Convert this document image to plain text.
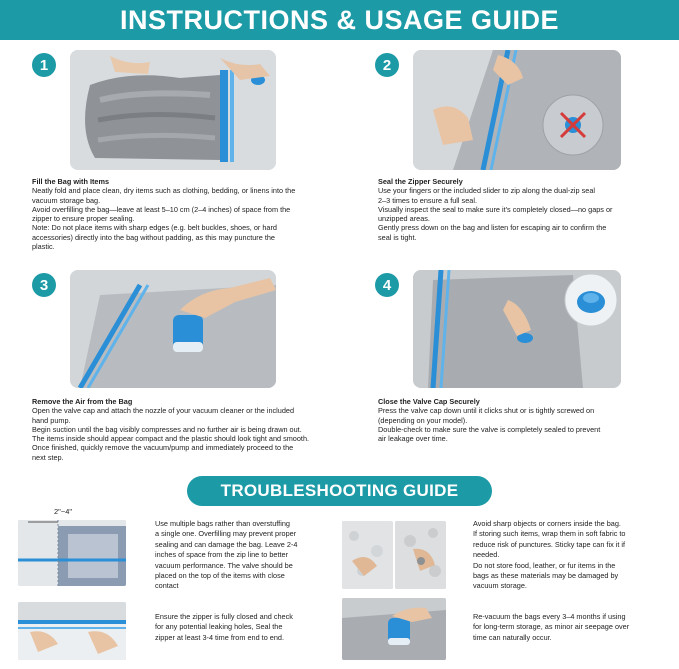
INSTRUCTIONS & USAGE GUIDE
1
Fill the Bag with Items
Neatly fold and place clean, dry items such as clothing, bedding, or linens into the
vacuum storage bag.
Avoid overfilling the bag—leave at least 5–10 cm (2–4 inches) of space from the
zipper to ensure proper sealing.
Note: Do not place items with sharp edges (e.g. belt buckles, shoes, or hard
accessories) directly into the bag without padding, as this may puncture the
plastic.
2
Seal the Zipper Securely
Use your fingers or the included slider to zip along the dual-zip seal
2–3 times to ensure a full seal.
Visually inspect the seal to make sure it's completely closed—no gaps or
unzipped areas.
Gently press down on the bag and listen for escaping air to confirm the
seal is tight.
3
Remove the Air from the Bag
Open the valve cap and attach the nozzle of your vacuum cleaner or the included
hand pump.
Begin suction until the bag visibly compresses and no further air is being drawn out.
The items inside should appear compact and the plastic should look tight and smooth.
Once finished, quickly remove the vacuum/pump and immediately proceed to the
next step.
4
Close the Valve Cap Securely
Press the valve cap down until it clicks shut or is tightly screwed on
(depending on your model).
Double-check to make sure the valve is completely sealed to prevent
air leakage over time.
TROUBLESHOOTING GUIDE
2"~4"
Use multiple bags rather than overstuffing
a single one. Overfilling may prevent proper
sealing and can damage the bag. Leave 2-4
inches of space from the zip line to better
vacuum performance. The valve should be
placed on the top of the items with close
contact
Ensure the zipper is fully closed and check
for any potential leaking holes, Seal the
zipper at least 3-4 time from end to end.
Avoid sharp objects or corners inside the bag.
If storing such items, wrap them in soft fabric to
reduce risk of punctures. Sticky tape can fix it if
needed.
Do not store food, leather, or fur items in the
bags as these materials may be damaged by
vacuum storage.
Re-vacuum the bags every 3–4 months if using
for long-term storage, as minor air seepage over
time can naturally occur.
